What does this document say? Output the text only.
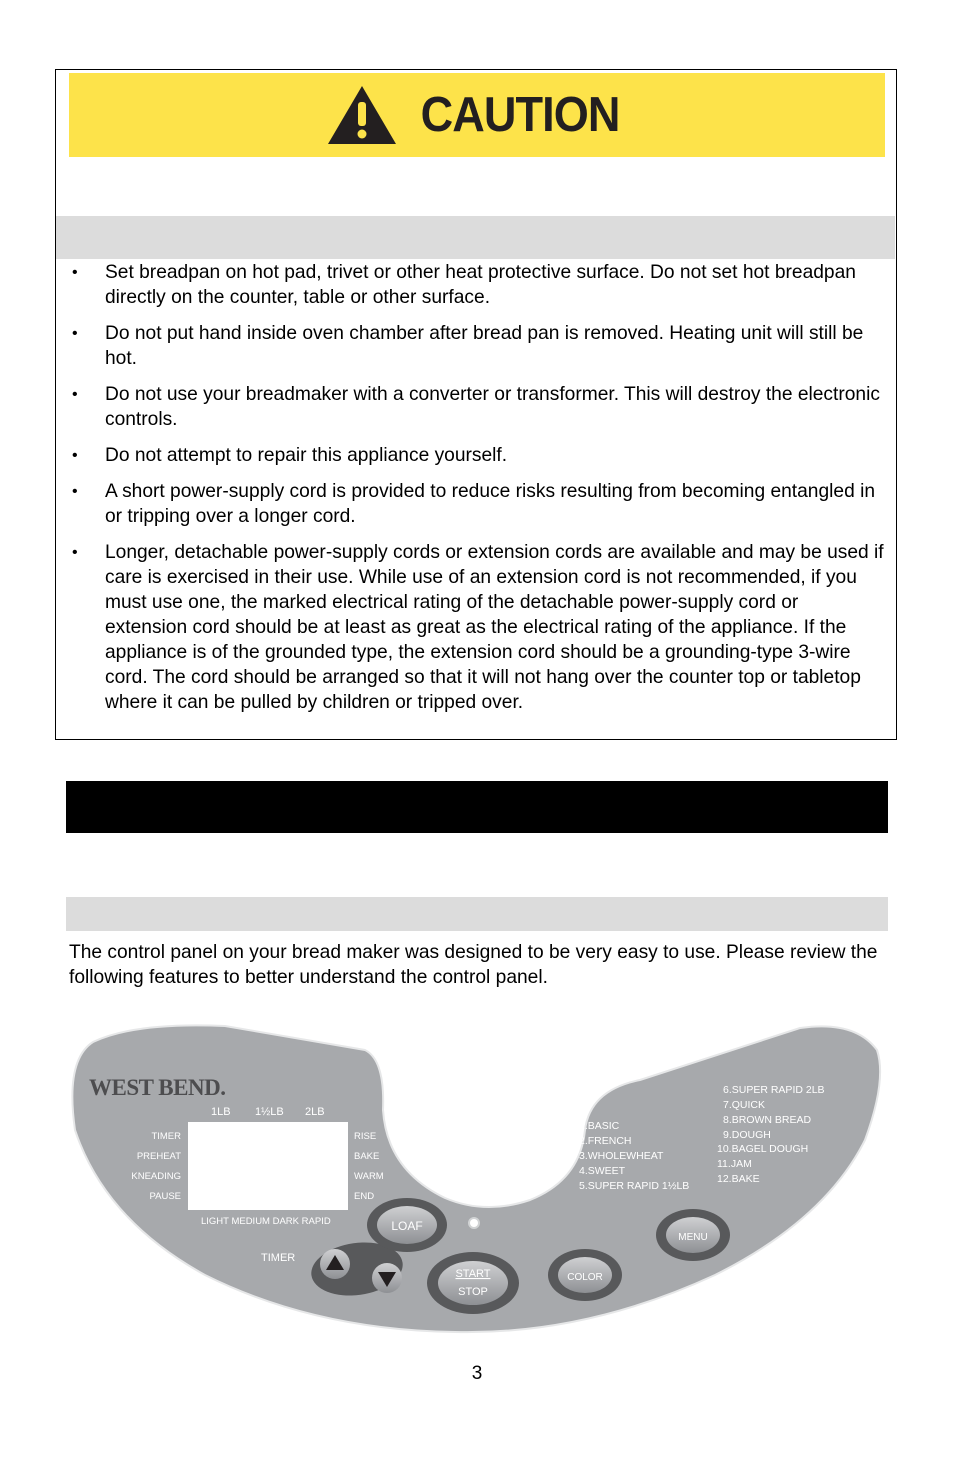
CAUTION
• Set breadpan on hot pad, trivet or other heat protective surface. Do not set hot breadpan directly on the counter, table or other surface.
• Do not put hand inside oven chamber after bread pan is removed. Heating unit will still be hot.
• Do not use your breadmaker with a converter or transformer. This will destroy the electronic controls.
• Do not attempt to repair this appliance yourself.
• A short power-supply cord is provided to reduce risks resulting from becoming entangled in or tripping over a longer cord.
• Longer, detachable power-supply cords or extension cords are available and may be used if care is exercised in their use. While use of an extension cord is not recommended, if you must use one, the marked electrical rating of the detachable power-supply cord or extension cord should be at least as great as the electrical rating of the appliance. If the appliance is of the grounded type, the extension cord should be a grounding-type 3-wire cord. The cord should be arranged so that it will not hang over the counter top or tabletop where it can be pulled by children or tripped over.

The control panel on your bread maker was designed to be very easy to use. Please review the following features to better understand the control panel.

WEST BEND.
1LB 1½LB 2LB
TIMER
PREHEAT
KNEADING
PAUSE
RISE
BAKE
WARM
END
LIGHT MEDIUM DARK RAPID
TIMER
LOAF
START
STOP
COLOR
MENU
1.BASIC
2.FRENCH
3.WHOLEWHEAT
4.SWEET
5.SUPER RAPID 1½LB
6.SUPER RAPID 2LB
7.QUICK
8.BROWN BREAD
9.DOUGH
10.BAGEL DOUGH
11.JAM
12.BAKE
3
